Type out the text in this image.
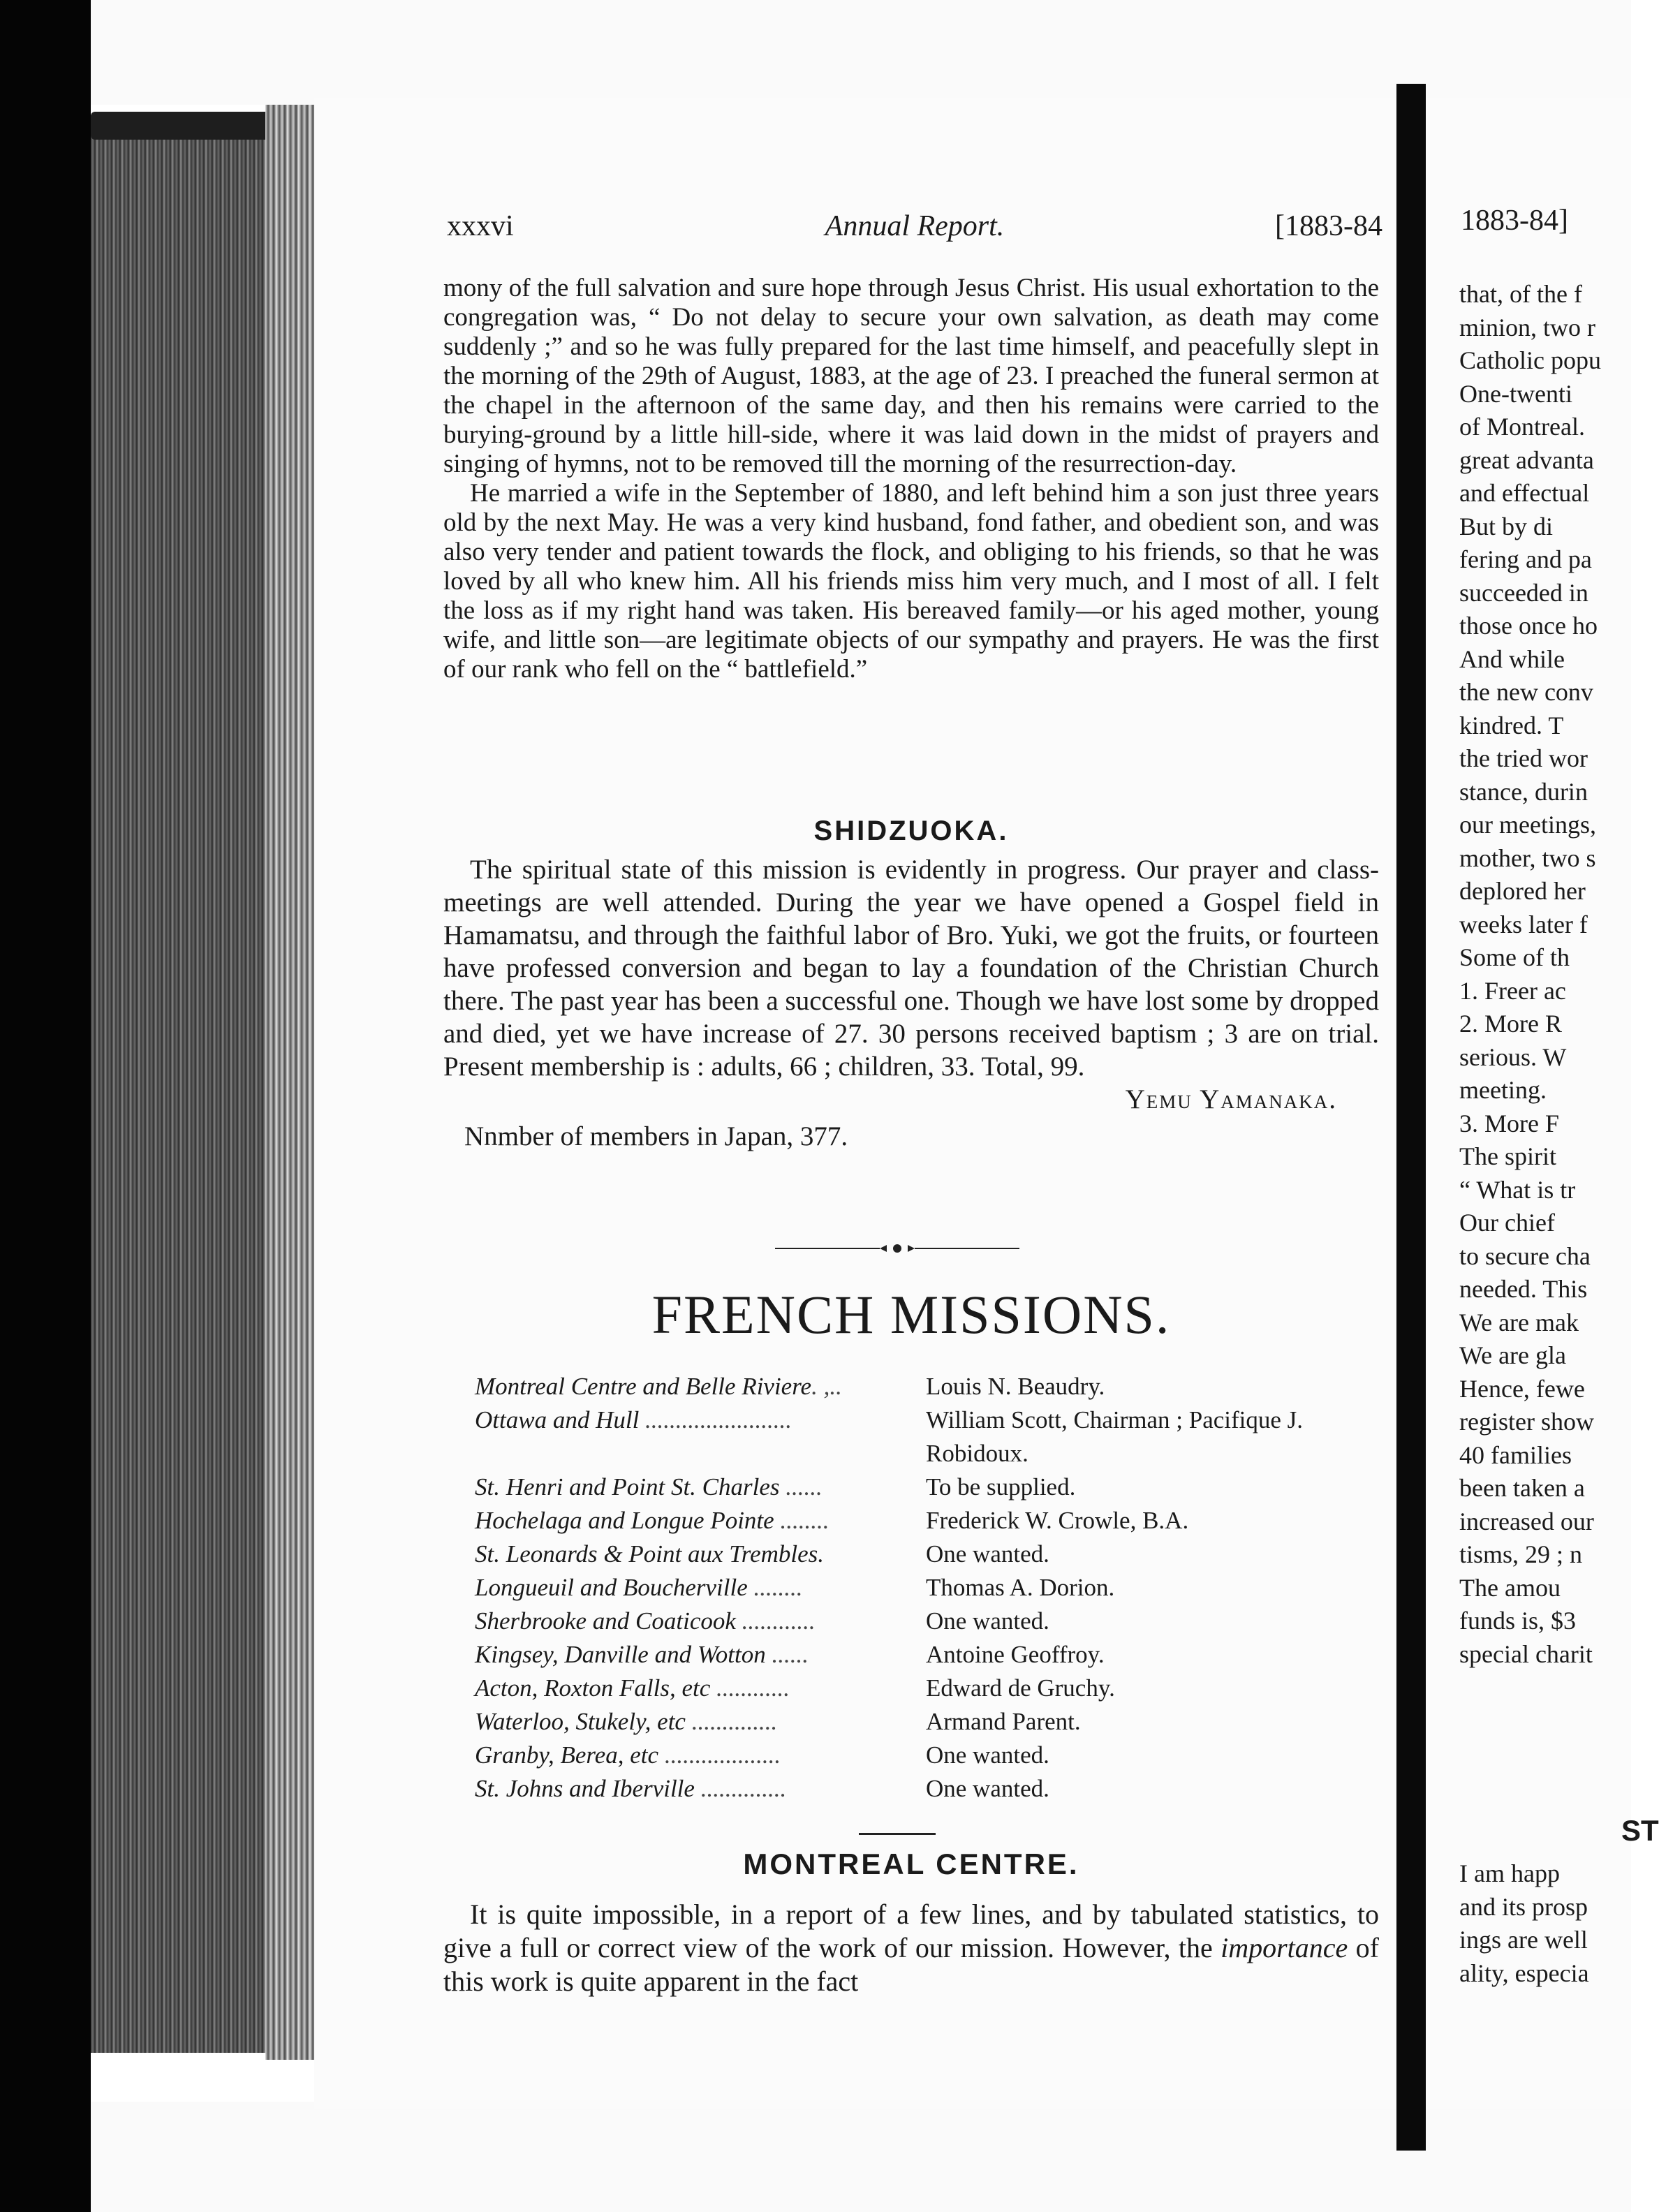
xxxvi	Annual Report.	[1883-84

mony of the full salvation and sure hope through Jesus Christ. His usual exhortation to the congregation was, “ Do not delay to secure your own salvation, as death may come suddenly ;” and so he was fully prepared for the last time himself, and peacefully slept in the morning of the 29th of August, 1883, at the age of 23. I preached the funeral sermon at the chapel in the afternoon of the same day, and then his remains were carried to the burying-ground by a little hill-side, where it was laid down in the midst of prayers and singing of hymns, not to be removed till the morning of the resurrection-day.

He married a wife in the September of 1880, and left behind him a son just three years old by the next May. He was a very kind husband, fond father, and obedient son, and was also very tender and patient towards the flock, and obliging to his friends, so that he was loved by all who knew him. All his friends miss him very much, and I most of all. I felt the loss as if my right hand was taken. His bereaved family—or his aged mother, young wife, and little son—are legitimate objects of our sympathy and prayers. He was the first of our rank who fell on the “ battlefield.”

SHIDZUOKA.

The spiritual state of this mission is evidently in progress. Our prayer and class-meetings are well attended. During the year we have opened a Gospel field in Hamamatsu, and through the faithful labor of Bro. Yuki, we got the fruits, or fourteen have professed conversion and began to lay a foundation of the Christian Church there. The past year has been a successful one. Though we have lost some by dropped and died, yet we have increase of 27. 30 persons received baptism ; 3 are on trial. Present membership is : adults, 66 ; children, 33. Total, 99.

Yemu Yamanaka.

Nnmber of members in Japan, 377.

FRENCH MISSIONS.
Montreal Centre and Belle Riviere. ,..	Louis N. Beaudry.
Ottawa and Hull ........................	William Scott, Chairman ; Pacifique J. Robidoux.
St. Henri and Point St. Charles ......	To be supplied.
Hochelaga and Longue Pointe ........	Frederick W. Crowle, B.A.
St. Leonards & Point aux Trembles.	One wanted.
Longueuil and Boucherville ........	Thomas A. Dorion.
Sherbrooke and Coaticook ............	One wanted.
Kingsey, Danville and Wotton ......	Antoine Geoffroy.
Acton, Roxton Falls, etc ............	Edward de Gruchy.
Waterloo, Stukely, etc ..............	Armand Parent.
Granby, Berea, etc ...................	One wanted.
St. Johns and Iberville ..............	One wanted.
MONTREAL CENTRE.

It is quite impossible, in a report of a few lines, and by tabulated statistics, to give a full or correct view of the work of our mission. However, the importance of this work is quite apparent in the fact

1883-84]
that, of the f
minion, two r
Catholic popu
One-twenti
of Montreal.
great advanta
and effectual
But by di
fering and pa
succeeded in
those once ho
And while
the new conv
kindred. T
the tried wor
stance, durin
our meetings,
mother, two s
deplored her
weeks later f
Some of th
1. Freer ac
2. More R
serious. W
meeting.
3. More F
The spirit
“ What is tr
Our chief
to secure cha
needed. This
We are mak
We are gla
Hence, fewe
register show
40 families
been taken a
increased our
tisms, 29 ; n
The amou
funds is, $3
special charit
ST
I am happ
and its prosp
ings are well
ality, especia
